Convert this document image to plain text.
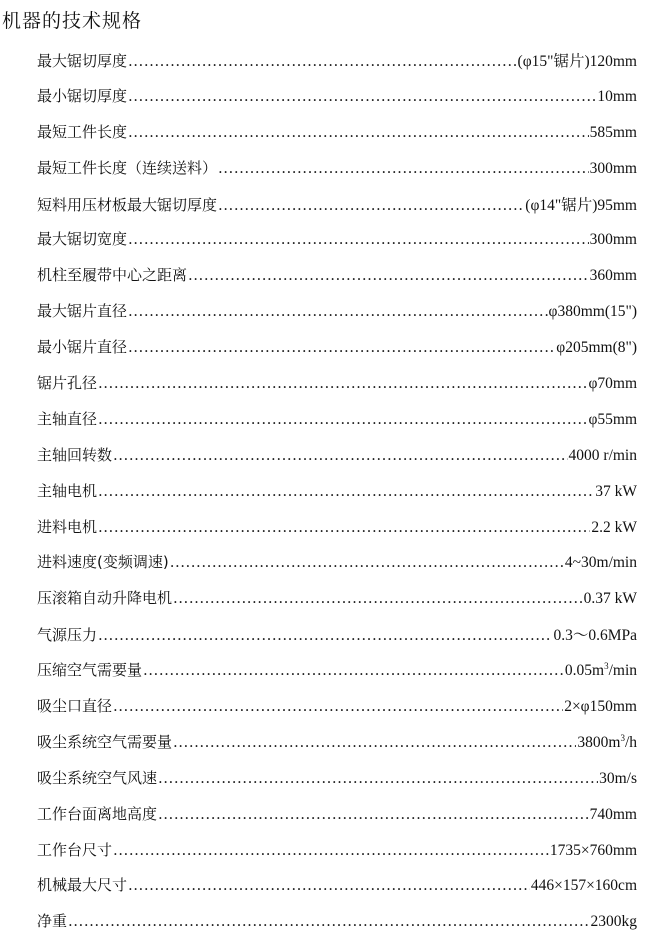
机器的技术规格
最大锯切厚度 .....	(φ15"锯片)120mm
最小锯切厚度 .....	10mm
最短工件长度 .....	585mm
最短工件长度（连续送料） .....	300mm
短料用压材板最大锯切厚度 .....	(φ14"锯片)95mm
最大锯切宽度 .....	300mm
机柱至履带中心之距离 .....	360mm
最大锯片直径 .....	φ380mm(15")
最小锯片直径 .....	φ205mm(8")
锯片孔径 .....	φ70mm
主轴直径 .....	φ55mm
主轴回转数 .....	4000 r/min
主轴电机 .....	37 kW
进料电机 .....	2.2 kW
进料速度(变频调速) .....	4~30m/min
压滚箱自动升降电机 .....	0.37 kW
气源压力 .....	0.3～0.6MPa
压缩空气需要量 .....	$0.05m^3/\min$
吸尘口直径 .....	2×φ150mm
吸尘系统空气需要量 .....	$3800m^3/h$
吸尘系统空气风速 .....	30m/s
工作台面离地高度 .....	740mm
工作台尺寸 .....	1735×760mm
机械最大尺寸 .....	446×157×160cm
净重 .....	2300kg
